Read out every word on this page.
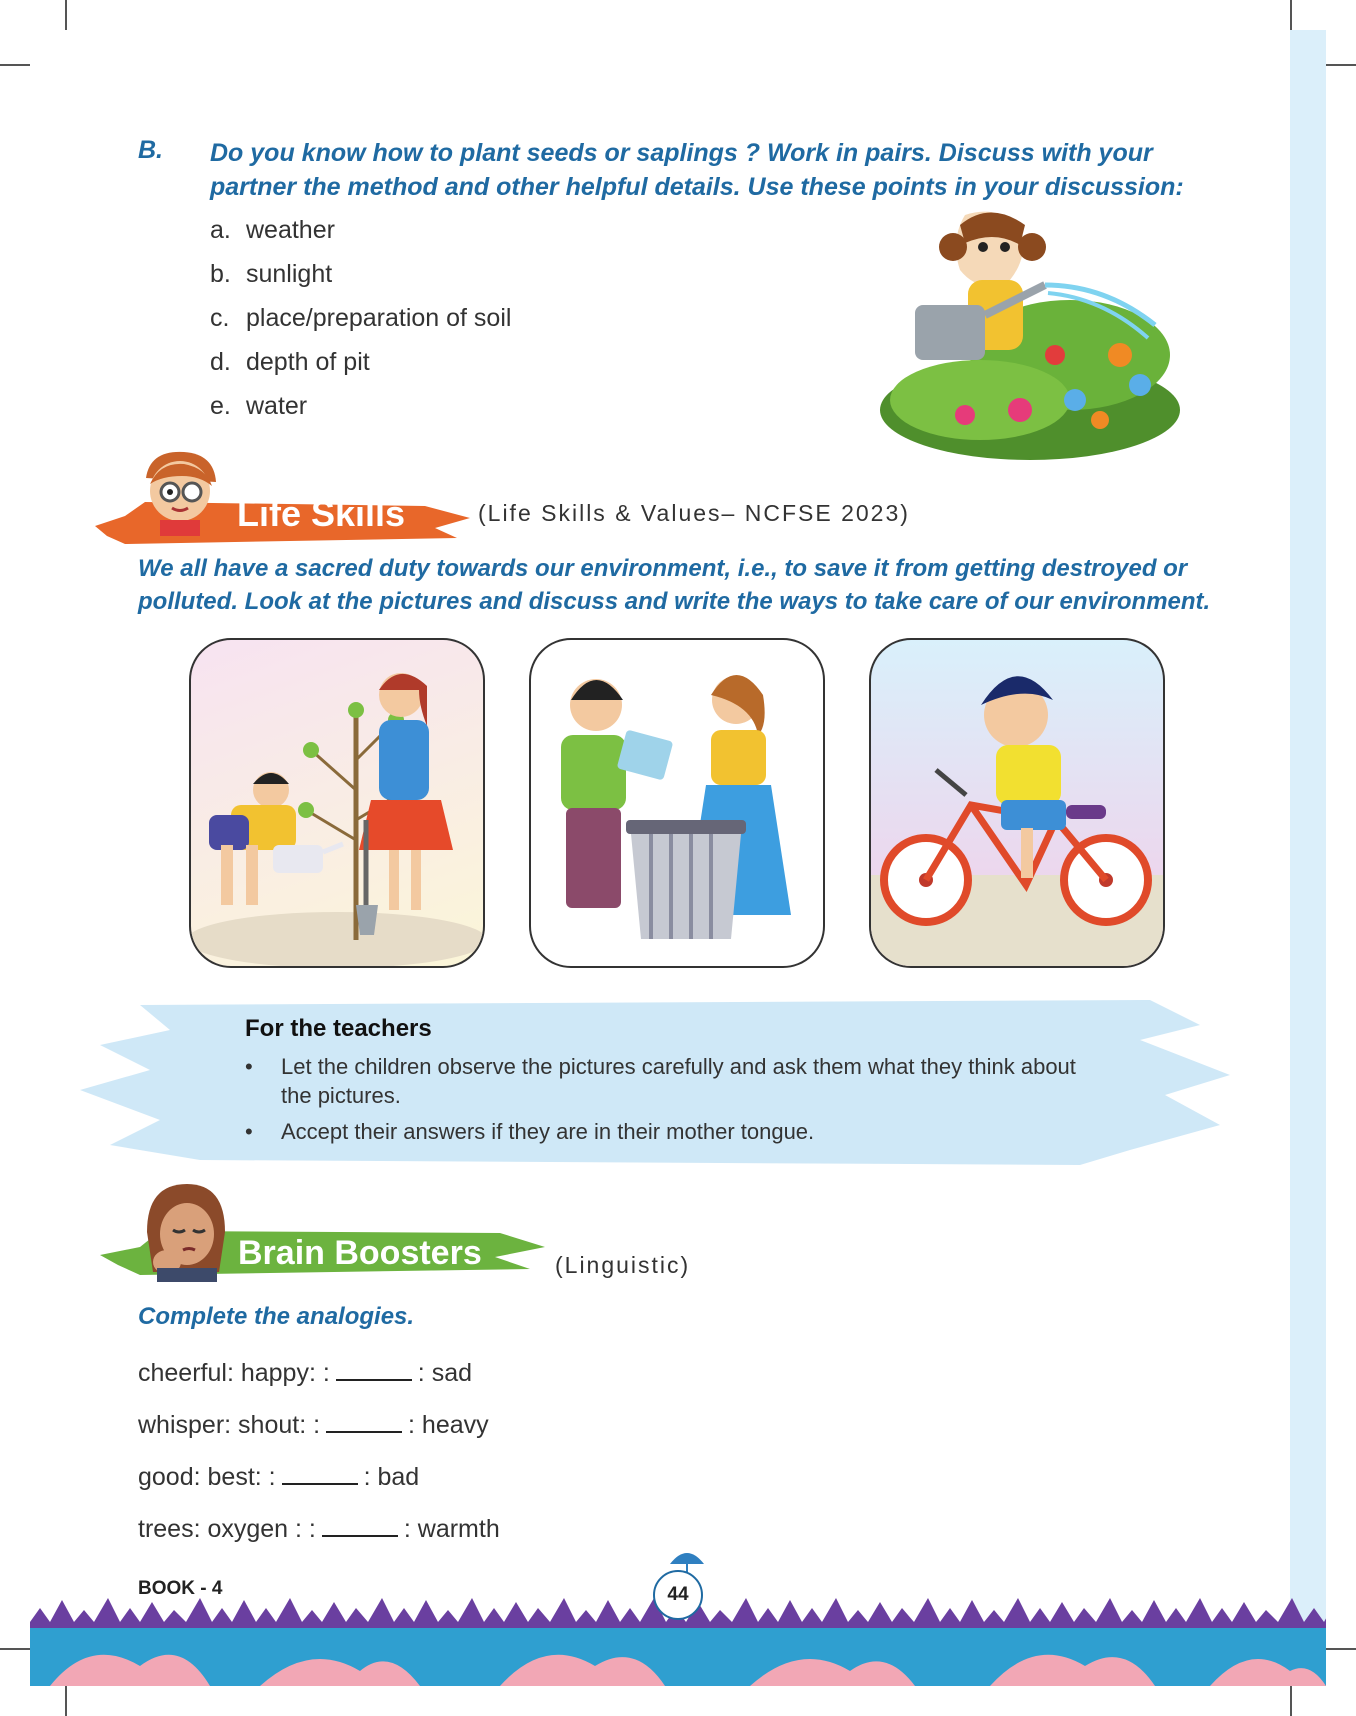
B. Do you know how to plant seeds or saplings ? Work in pairs. Discuss with your partner the method and other helpful details. Use these points in your discussion:
a. weather
b. sunlight
c. place/preparation of soil
d. depth of pit
e. water
Life Skills	(Life Skills & Values– NCFSE 2023)
We all have a sacred duty towards our environment, i.e., to save it from getting destroyed or polluted. Look at the pictures and discuss and write the ways to take care of our environment.
For the teachers
• Let the children observe the pictures carefully and ask them what they think about the pictures.
• Accept their answers if they are in their mother tongue.
Brain Boosters	(Linguistic)
Complete the analogies.
cheerful: happy: :	: sad
whisper: shout: :	: heavy
good: best: :	: bad
trees: oxygen : :	: warmth
BOOK - 4	44
